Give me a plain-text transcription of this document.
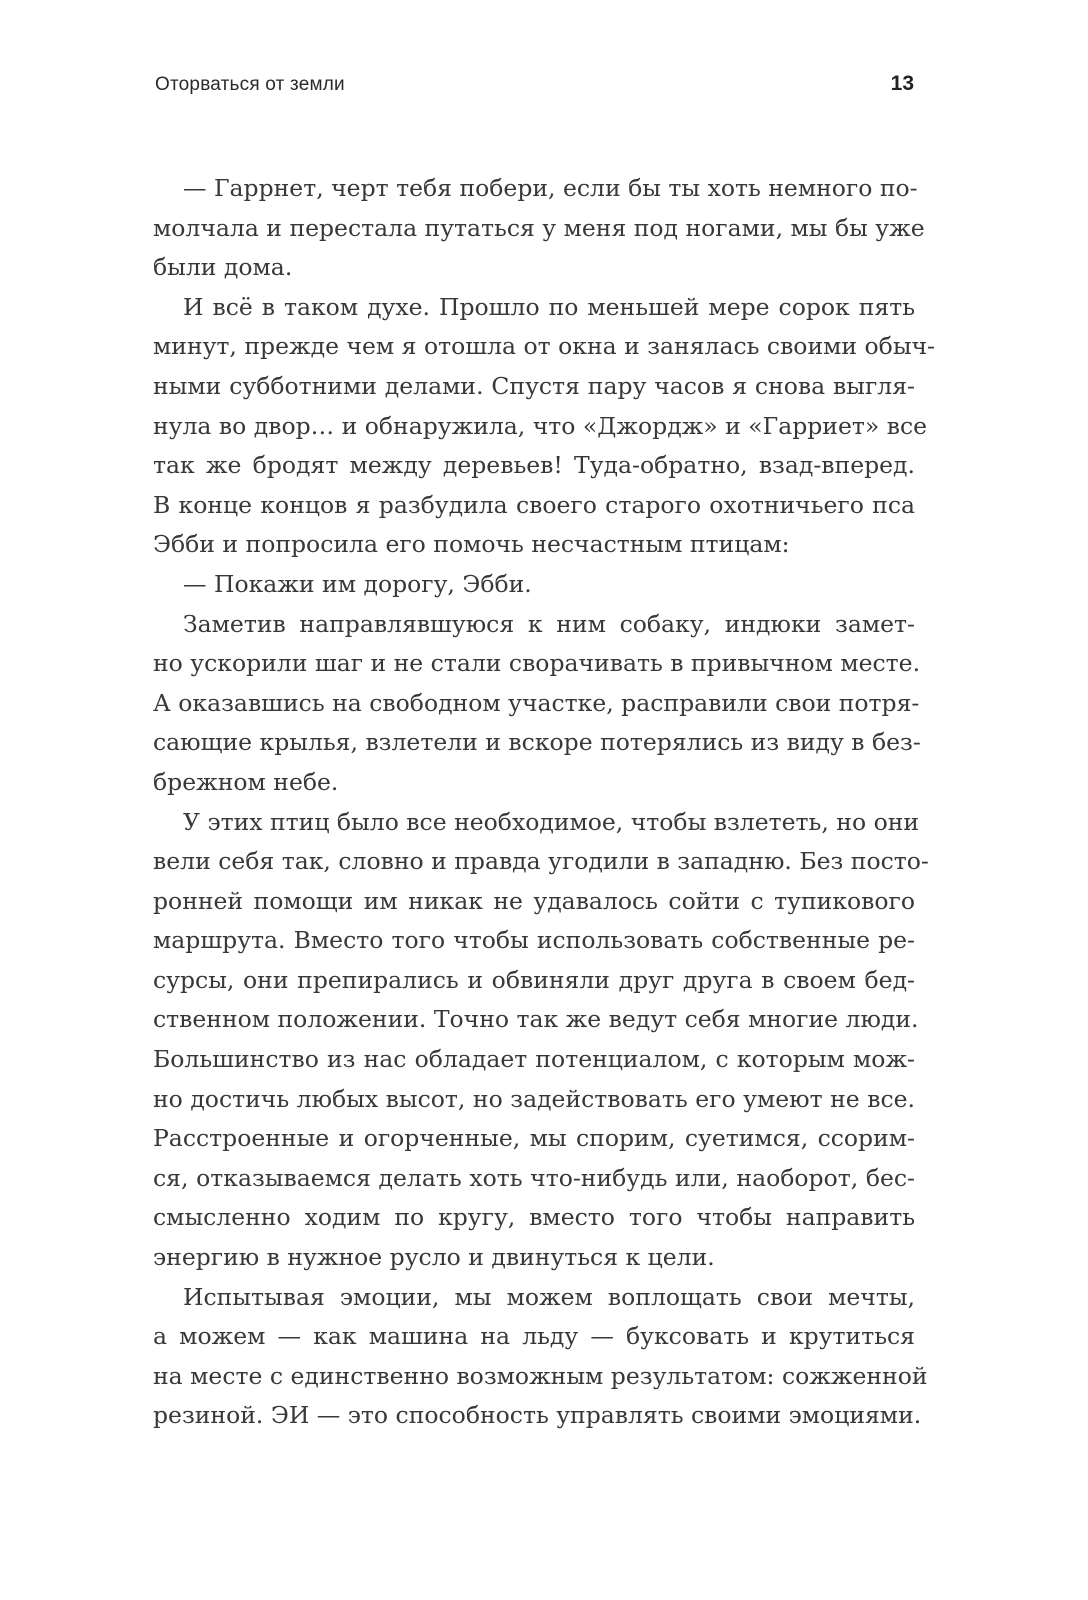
Оторваться от земли	13
— Гаррнет, черт тебя побери, если бы ты хоть немного по-
молчала и перестала путаться у меня под ногами, мы бы уже
были дома.
И всё в таком духе. Прошло по меньшей мере сорок пять
минут, прежде чем я отошла от окна и занялась своими обыч-
ными субботними делами. Спустя пару часов я снова выгля-
нула во двор… и обнаружила, что «Джордж» и «Гарриет» все
так же бродят между деревьев! Туда-обратно, взад-вперед.
В конце концов я разбудила своего старого охотничьего пса
Эбби и попросила его помочь несчастным птицам:
— Покажи им дорогу, Эбби.
Заметив направлявшуюся к ним собаку, индюки замет-
но ускорили шаг и не стали сворачивать в привычном месте.
А оказавшись на свободном участке, расправили свои потря-
сающие крылья, взлетели и вскоре потерялись из виду в без-
брежном небе.
У этих птиц было все необходимое, чтобы взлететь, но они
вели себя так, словно и правда угодили в западню. Без посто-
ронней помощи им никак не удавалось сойти с тупикового
маршрута. Вместо того чтобы использовать собственные ре-
сурсы, они препирались и обвиняли друг друга в своем бед-
ственном положении. Точно так же ведут себя многие люди.
Большинство из нас обладает потенциалом, с которым мож-
но достичь любых высот, но задействовать его умеют не все.
Расстроенные и огорченные, мы спорим, суетимся, ссорим-
ся, отказываемся делать хоть что-нибудь или, наоборот, бес-
смысленно ходим по кругу, вместо того чтобы направить
энергию в нужное русло и двинуться к цели.
Испытывая эмоции, мы можем воплощать свои мечты,
а можем — как машина на льду — буксовать и крутиться
на месте с единственно возможным результатом: сожженной
резиной. ЭИ — это способность управлять своими эмоциями.
